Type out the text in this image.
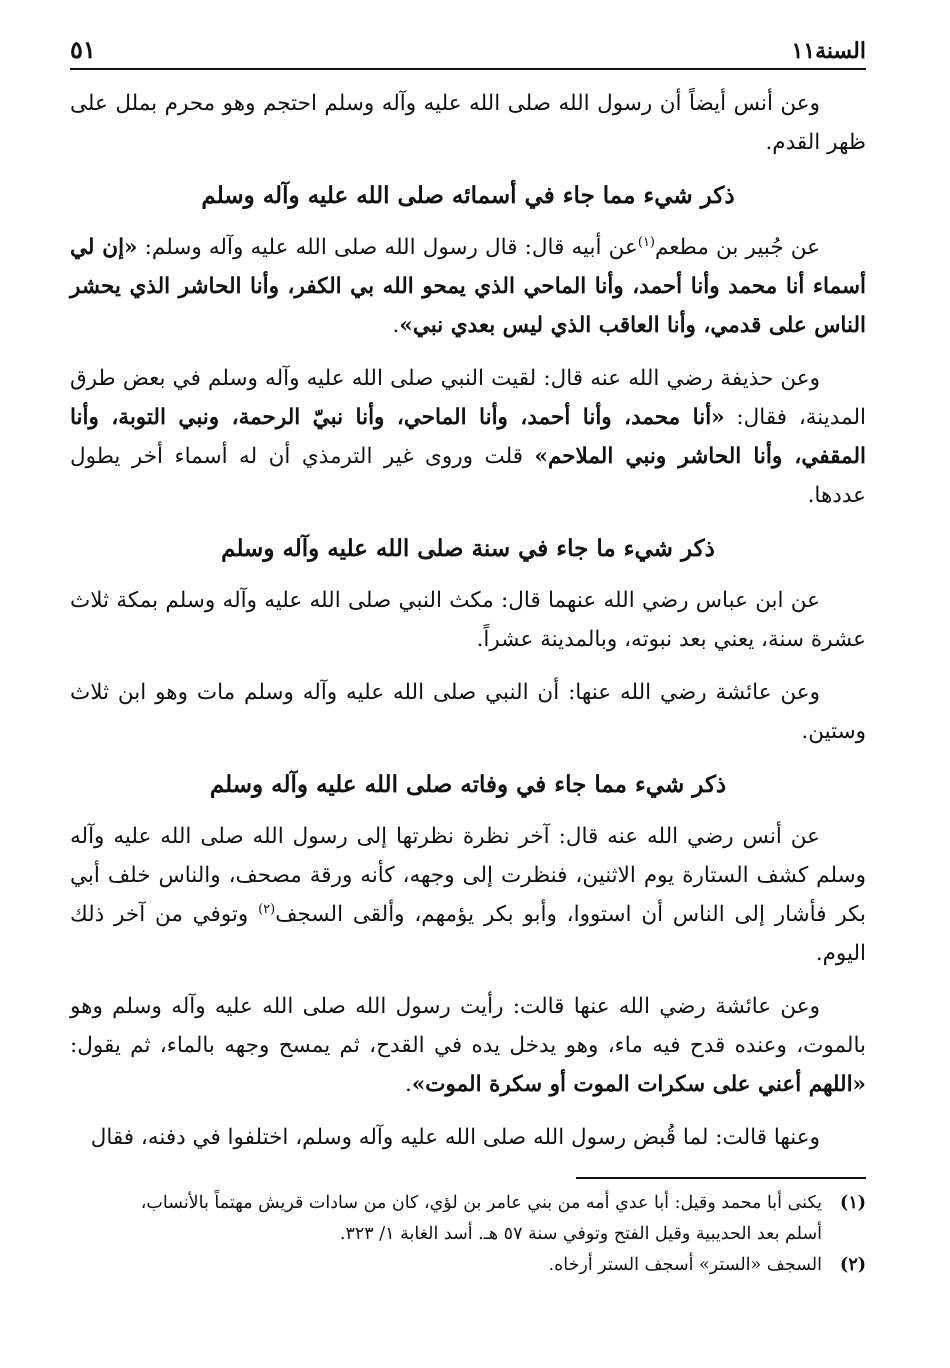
السنة١١
٥١

وعن أنس أيضاً أن رسول الله صلى الله عليه وآله وسلم احتجم وهو محرم بملل على ظهر القدم.

ذكر شيء مما جاء في أسمائه صلى الله عليه وآله وسلم

عن جُبير بن مطعم$^{(١)}$عن أبيه قال: قال رسول الله صلى الله عليه وآله وسلم: «إن لي أسماء أنا محمد وأنا أحمد، وأنا الماحي الذي يمحو الله بي الكفر، وأنا الحاشر الذي يحشر الناس على قدمي، وأنا العاقب الذي ليس بعدي نبي».

وعن حذيفة رضي الله عنه قال: لقيت النبي صلى الله عليه وآله وسلم في بعض طرق المدينة، فقال: «أنا محمد، وأنا أحمد، وأنا الماحي، وأنا نبيّ الرحمة، ونبي التوبة، وأنا المقفي، وأنا الحاشر ونبي الملاحم» قلت وروى غير الترمذي أن له أسماء أخر يطول عددها.

ذكر شيء ما جاء في سنة صلى الله عليه وآله وسلم

عن ابن عباس رضي الله عنهما قال: مكث النبي صلى الله عليه وآله وسلم بمكة ثلاث عشرة سنة، يعني بعد نبوته، وبالمدينة عشراً.

وعن عائشة رضي الله عنها: أن النبي صلى الله عليه وآله وسلم مات وهو ابن ثلاث وستين.

ذكر شيء مما جاء في وفاته صلى الله عليه وآله وسلم

عن أنس رضي الله عنه قال: آخر نظرة نظرتها إلى رسول الله صلى الله عليه وآله وسلم كشف الستارة يوم الاثنين، فنظرت إلى وجهه، كأنه ورقة مصحف، والناس خلف أبي بكر فأشار إلى الناس أن استووا، وأبو بكر يؤمهم، وألقى السجف$^{(٢)}$ وتوفي من آخر ذلك اليوم.

وعن عائشة رضي الله عنها قالت: رأيت رسول الله صلى الله عليه وآله وسلم وهو بالموت، وعنده قدح فيه ماء، وهو يدخل يده في القدح، ثم يمسح وجهه بالماء، ثم يقول: «اللهم أعني على سكرات الموت أو سكرة الموت».

وعنها قالت: لما قُبض رسول الله صلى الله عليه وآله وسلم، اختلفوا في دفنه، فقال

(١)
يكنى أبا محمد وقيل: أبا عدي أمه من بني عامر بن لؤي، كان من سادات قريش مهتماً بالأنساب،
أسلم بعد الحديبية وقيل الفتح وتوفي سنة ٥٧ هـ. أسد الغابة ١/ ٣٢٣.
(٢)
السجف «الستر» أسجف الستر أرخاه.
